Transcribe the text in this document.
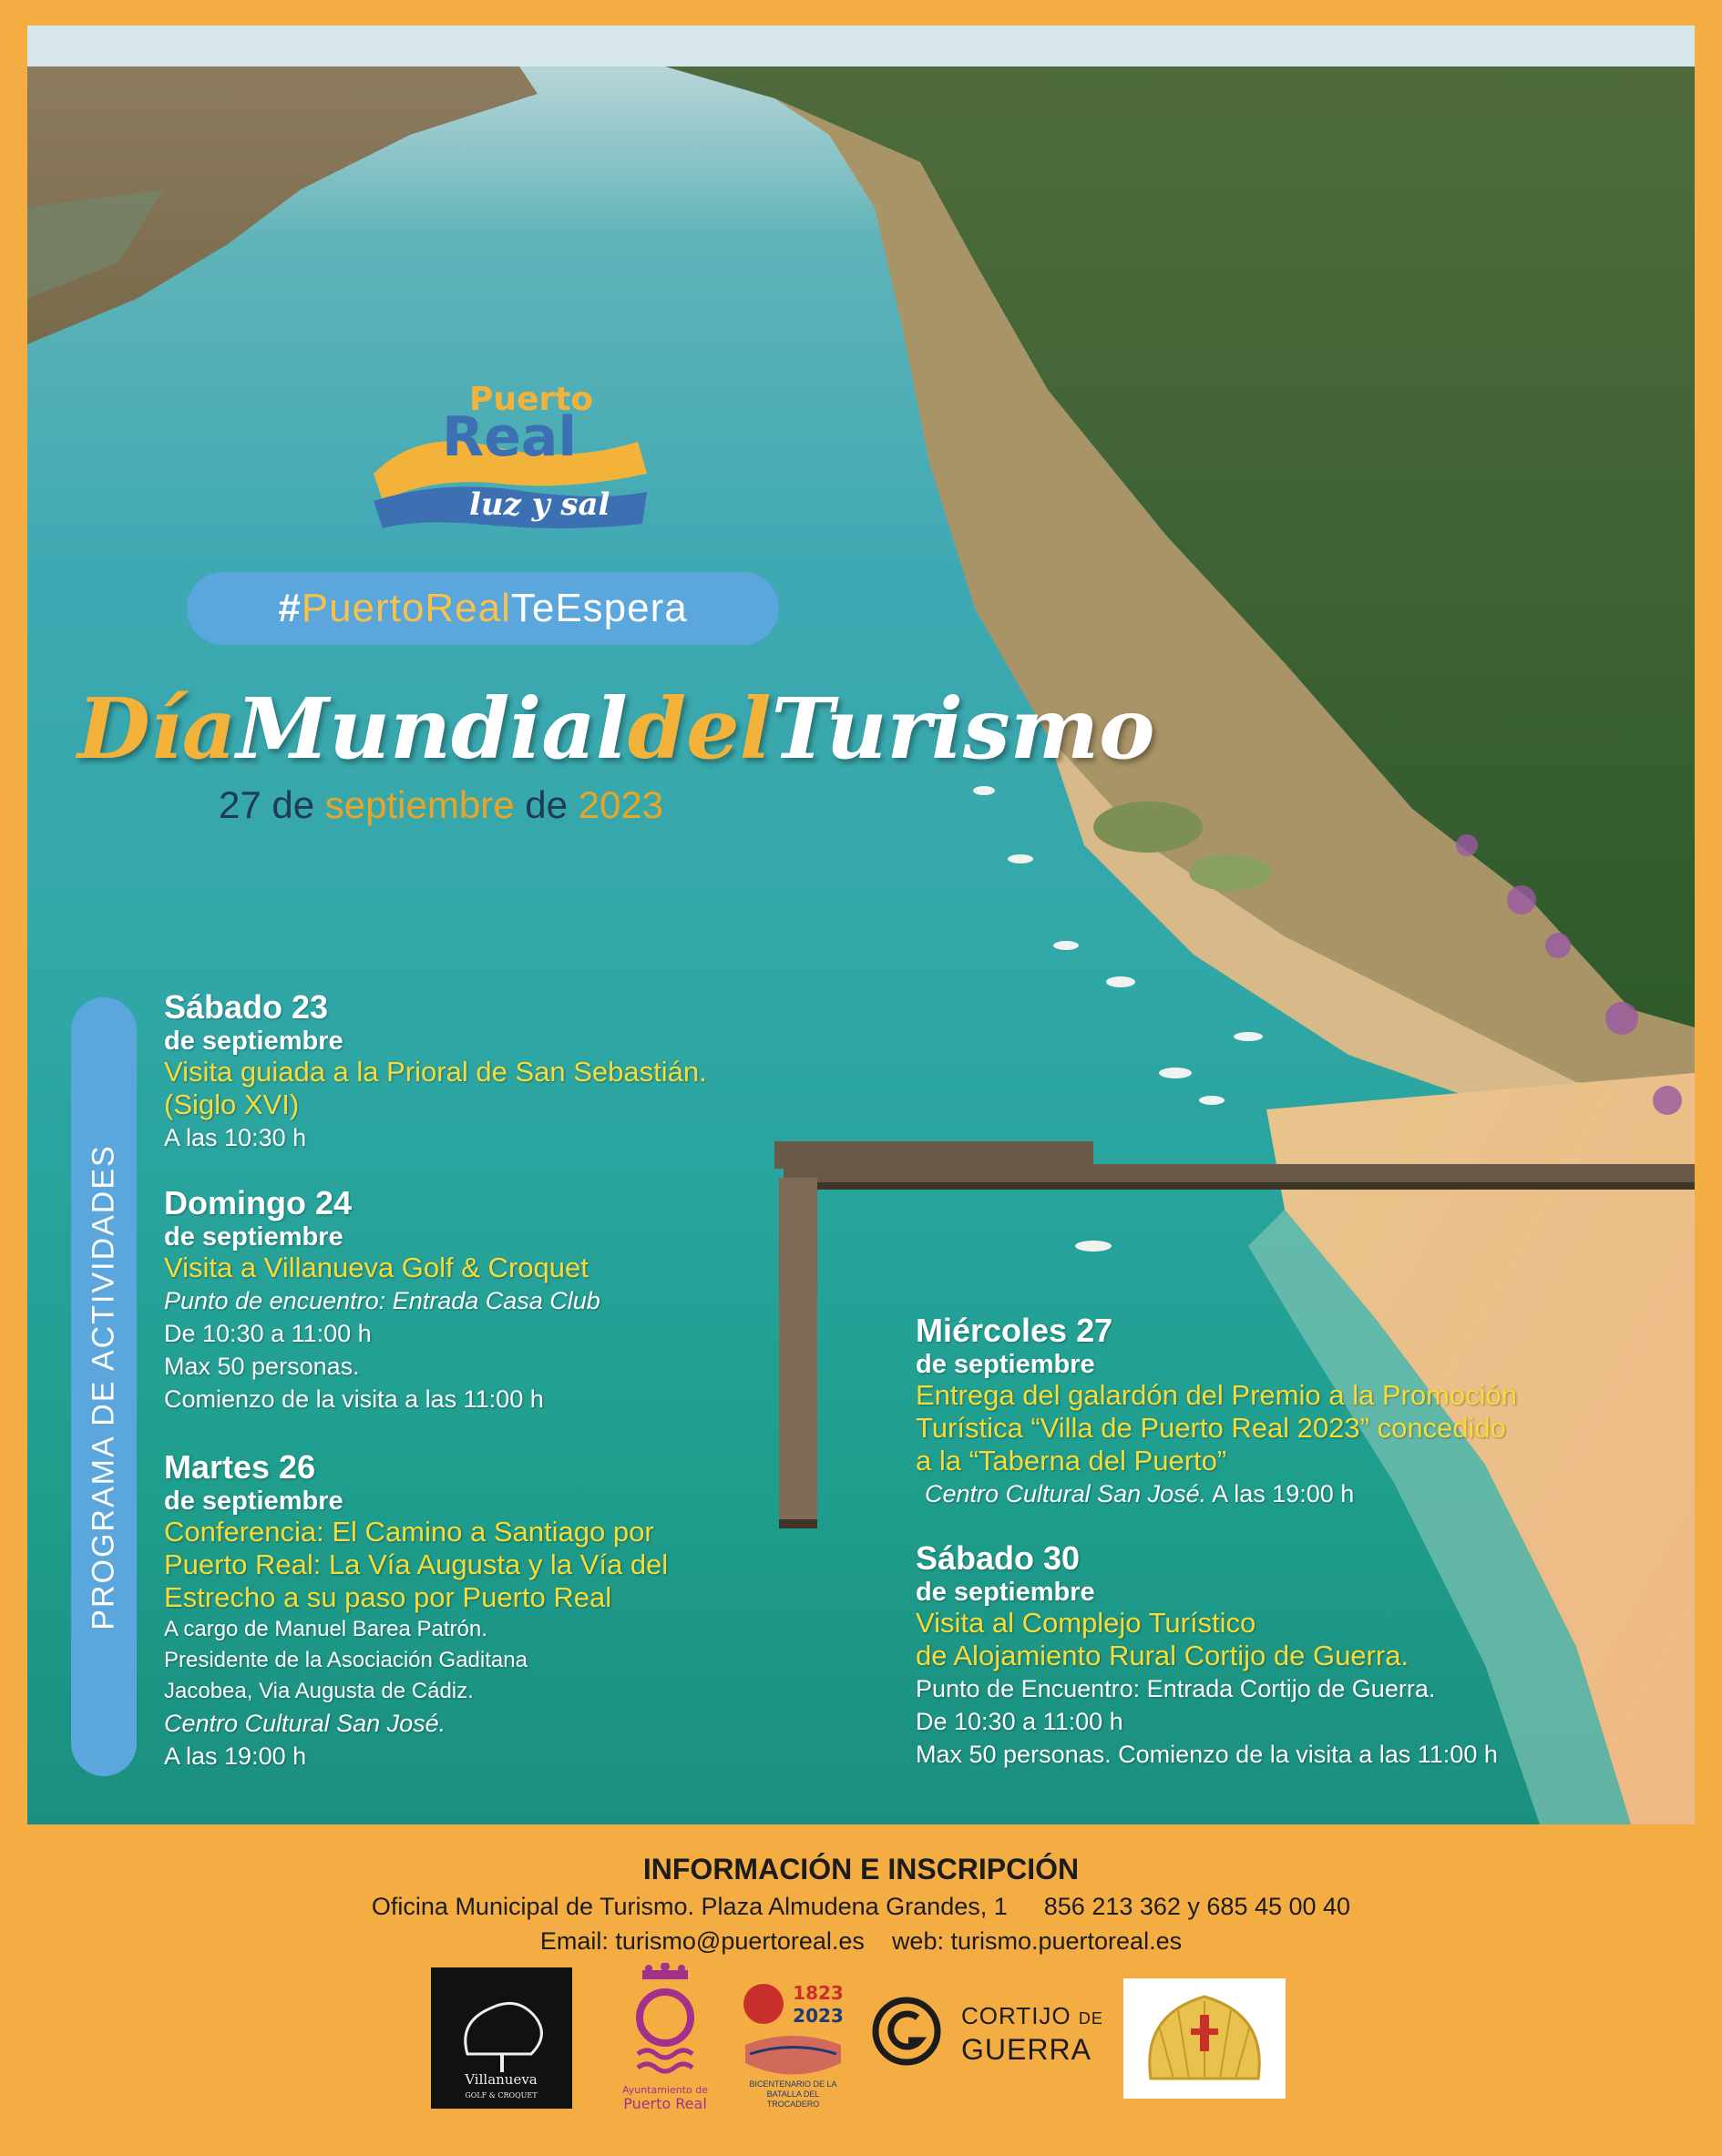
Puerto
Real
luz y sal
#PuertoRealTeEspera
DíaMundialdelTurismo
27 de septiembre de 2023
PROGRAMA DE ACTIVIDADES
Sábado 23
de septiembre
Visita guiada a la Prioral de San Sebastián.
(Siglo XVI)
A las 10:30 h
Domingo 24
de septiembre
Visita a Villanueva Golf & Croquet
Punto de encuentro: Entrada Casa Club
De 10:30 a 11:00 h
Max 50 personas.
Comienzo de la visita a las 11:00 h
Martes 26
de septiembre
Conferencia: El Camino a Santiago por
Puerto Real: La Vía Augusta y la Vía del
Estrecho a su paso por Puerto Real
A cargo de Manuel Barea Patrón.
Presidente de la Asociación Gaditana
Jacobea, Via Augusta de Cádiz.
Centro Cultural San José.
A las 19:00 h
Miércoles 27
de septiembre
Entrega del galardón del Premio a la Promoción
Turística “Villa de Puerto Real 2023” concedido
a la “Taberna del Puerto”
Centro Cultural San José. A las 19:00 h
Sábado 30
de septiembre
Visita al Complejo Turístico
de Alojamiento Rural Cortijo de Guerra.
Punto de Encuentro: Entrada Cortijo de Guerra.
De 10:30 a 11:00 h
Max 50 personas. Comienzo de la visita a las 11:00 h
INFORMACIÓN E INSCRIPCIÓN
Oficina Municipal de Turismo. Plaza Almudena Grandes, 1 856 213 362 y 685 45 00 40
Email: turismo@puertoreal.es web: turismo.puertoreal.es
Villanueva
GOLF & CROQUET	Ayuntamiento de
Puerto Real
1823
2023
BICENTENARIO DE LA BATALLA DEL TROCADERO
CORTIJO DE
GUERRA
